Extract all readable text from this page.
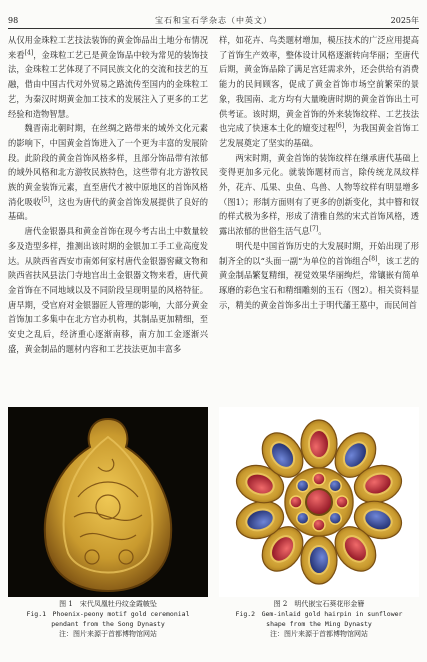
98	宝石和宝石学杂志（中英文）	2025年

从仅用金珠粒工艺技法装饰的黄金饰品出土地分布情况来看[4]，金珠粒工艺已是黄金饰品中较为常见的装饰技法，金珠粒工艺体现了不同民族文化的交流和技艺的互融，借由中国古代对外贸易之路流传至国内的金珠粒工艺，为秦汉时期黄金加工技术的发展注入了更多的工艺经验和造物智慧。

魏晋南北朝时期，在丝绸之路带来的域外文化元素的影响下，中国黄金首饰进入了一个更为丰富的发展阶段。此阶段的黄金首饰风格多样，且部分饰品带有浓郁的域外风格和北方游牧民族特色，这些带有北方游牧民族的黄金装饰元素，直至唐代才被中原地区的首饰风格消化吸收[5]，这也为唐代的黄金首饰发展提供了良好的基础。

唐代金银器具和黄金首饰在现今考古出土中数量较多及造型多样，推测出该时期的金银加工手工业高度发达。从陕西省西安市南郊何家村唐代金银器窖藏文物和陕西省扶风县法门寺地宫出土金银器文物来看，唐代黄金首饰在不同地域以及不同阶段呈现明显的风格特征。唐早期，受官府对金银器匠人管理的影响，大部分黄金首饰加工多集中在北方官办机构，其制品更加精细，至安史之乱后，经济重心逐渐南移，南方加工金逐渐兴盛，黄金制品的题材内容和工艺技法更加丰富多

样，如花卉、鸟类题材增加，模压技术的广泛应用提高了首饰生产效率，整体设计风格逐渐转向华丽；至唐代后期，黄金饰品除了满足宫廷需求外，还会供给有消费能力的民间顾客，促成了黄金首饰市场空前繁荣的景象，我国南、北方均有大量晚唐时期的黄金首饰出土可供考证。该时期，黄金首饰的外来装饰纹样、工艺技法也完成了快速本土化的嬗变过程[6]，为我国黄金首饰工艺发展奠定了坚实的基础。

两宋时期，黄金首饰的装饰纹样在继承唐代基础上变得更加多元化。就装饰题材而言，除传统龙凤纹样外，花卉、瓜果、虫鱼、鸟兽、人物等纹样有明显增多（图1）；形制方面则有了更多的创新变化，其中簪和钗的样式极为多样，形成了清雅自然的宋式首饰风格，透露出浓郁的世俗生活气息[7]。

明代是中国首饰历史的大发展时期，开始出现了形制齐全的以“头面一副”为单位的首饰组合[8]，该工艺的黄金制品繁复精细，视觉效果华丽绚烂，常镶嵌有简单琢磨的彩色宝石和精细雕刻的玉石（图2）。相关资料显示，精美的黄金首饰多出土于明代藩王墓中，而民间首

图 1　宋代凤凰牡丹纹金霞帔坠
Fig.1　Phoenix-peony motif gold ceremonial
pendant from the Song Dynasty
注：图片来源于首都博物馆网站
图 2　明代嵌宝石葵花形金簪
Fig.2　Gem-inlaid gold hairpin in sunflower
shape from the Ming Dynasty
注：图片来源于首都博物馆网站
